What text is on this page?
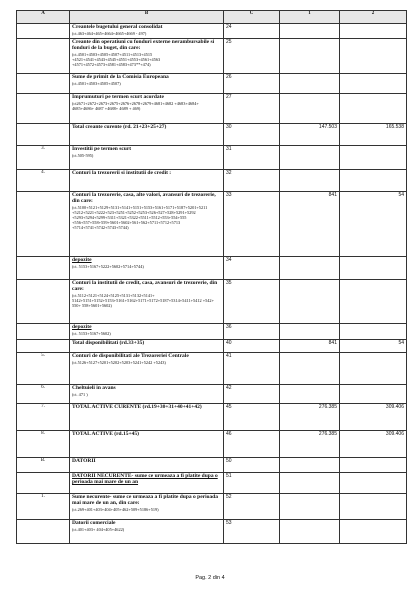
A	B	C	1	2

	Creantele bugetului general consolidat
(ct.463+464+465+4664+4665+4669 - 497)	24		

	Creante din operatiuni cu fonduri externe nerambursabile si fonduri de la buget, din care:
(ct.4501+4503+4505+4507+4511+4513+4515 +4521+4541+4543+4545+4551+4553+4561+4563 +4571+4572+4573+4581+4583+473**+474)	25		

	Sume de primit de la Comisia Europeana
(ct.4501+4503+4505+4507)	26		

	Imprumuturi pe termen scurt acordate
(ct2671+2672+2673+2675+2676+2678+2679+4681+4682 +4683+4684+ 4685+4686+ 4687 +4688+ 4689 + 469)	27		

	Total creante curente (rd. 21+23+25+27)	30	147.503	165.538
3.	Investitii pe termen scurt
(ct.505-595)	31		
4.	Conturi la trezorerii si institutii de credit :	32		

	Conturi la trezorerie, casa, alte valori, avansuri de trezorerie, din care:
(ct.5100+5121+5129+5131+5141+5151+5153+5161+5171+5187+5201+5211 +5212+5221+5222+523+5251+5252+5253+526+527+528+5291+5292 +5293+5294+5299+5311+5321+5322+5511+5512+553+554+555 +556+557+558+559+5601+5602+561+562+5711+5712+5713 +5714+5741+5742+5743+5744)	33	841	54

	depozite
(ct. 5153+5167+5222+5602+5714+5744)	34		

	Conturi la institutii de credit, casa, avansuri de trezorerie, din care:
(ct.5112+5121+5124+5125+5131+5132+5141+ 5142+5151+5152+5153+5161+5162+5171+5172+5187+5314+5411+5412 +542+ 550+ 558+5601+5602)	35		

	depozite
(ct. 5153+5167+5602)	36		

	Total disponibilitati (rd.33+35)	40	841	54
5.	Conturi de disponibilitati ale Trezoreriei Centrale
(ct.5126+5127+5201+5202+5203+5241+5242 +5243)	41		
6.	Cheltuieli in avans
(ct. 471 )	42		
7.	TOTAL ACTIVE CURENTE (rd.19+30+31+40+41+42)	45	276.385	309.406
8.	TOTAL ACTIVE (rd.15+45)	46	276.385	309.406
B.	DATORII	50		

	DATORII NECURENTE- sume ce urmeaza a fi platite dupa o perioada mai mare de un an	51		
1.	Sume necurente- sume ce urmeaza a fi platite dupa o perioada mai mare de un an, din care:
(ct.269+401+403+404+405+462+509+5186+519)	52		

	Datorii comerciale
(ct.401+403+ 404+405+4622)	53		
Pag. 2 din 4
